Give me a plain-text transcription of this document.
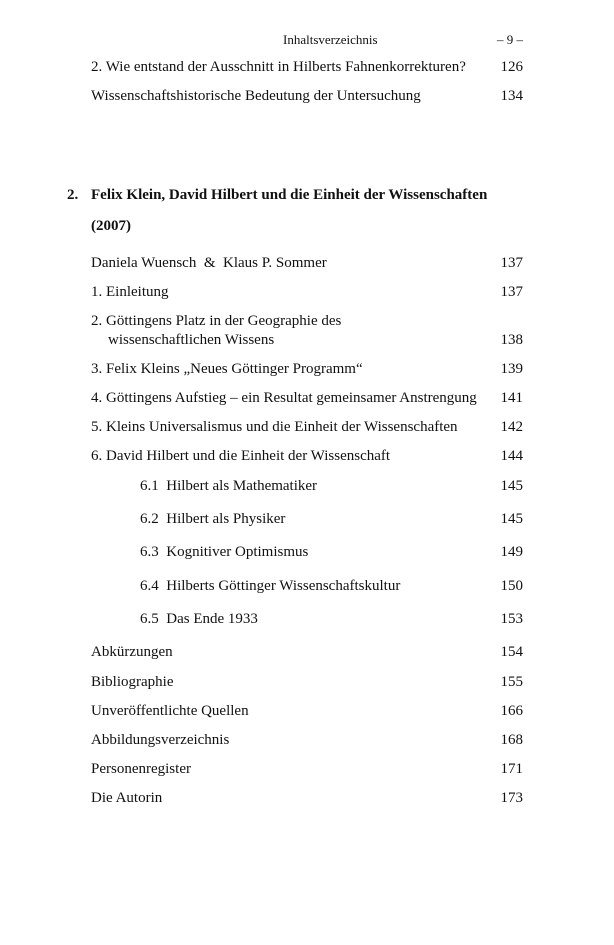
Inhaltsverzeichnis	– 9 –
2. Wie entstand der Ausschnitt in Hilberts Fahnenkorrekturen?	126
Wissenschaftshistorische Bedeutung der Untersuchung	134
2. Felix Klein, David Hilbert und die Einheit der Wissenschaften
(2007)
Daniela Wuensch  &  Klaus P. Sommer	137
1. Einleitung	137
2. Göttingens Platz in der Geographie des
wissenschaftlichen Wissens	138
3. Felix Kleins „Neues Göttinger Programm“	139
4. Göttingens Aufstieg – ein Resultat gemeinsamer Anstrengung	141
5. Kleins Universalismus und die Einheit der Wissenschaften	142
6. David Hilbert und die Einheit der Wissenschaft	144
6.1  Hilbert als Mathematiker	145
6.2  Hilbert als Physiker	145
6.3  Kognitiver Optimismus	149
6.4  Hilberts Göttinger Wissenschaftskultur	150
6.5  Das Ende 1933	153
Abkürzungen	154
Bibliographie	155
Unveröffentlichte Quellen	166
Abbildungsverzeichnis	168
Personenregister	171
Die Autorin	173
